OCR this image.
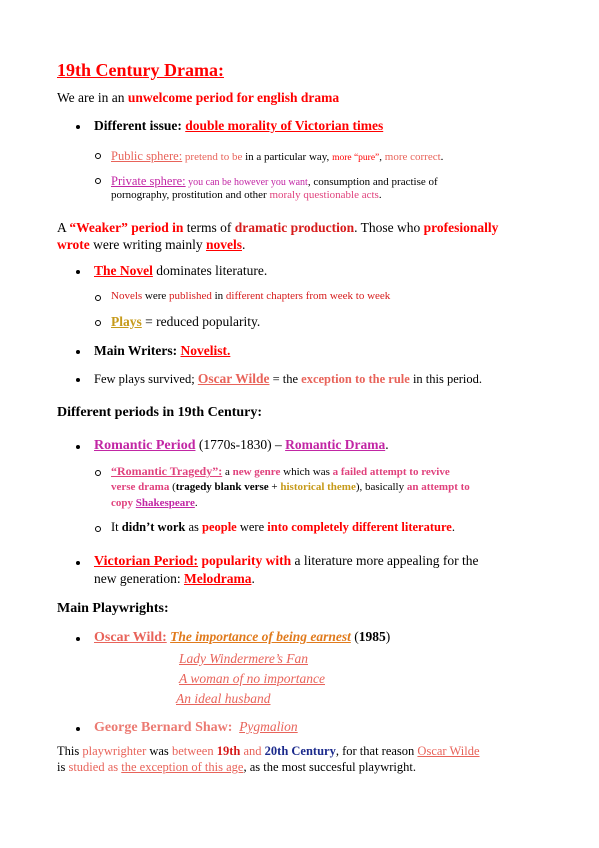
19th Century Drama:
We are in an unwelcome period for english drama
Different issue: double morality of Victorian times
Public sphere: pretend to be in a particular way, more “pure”, more correct.
Private sphere: you can be however you want, consumption and practise of
pornography, prostitution and other moraly questionable acts.
A “Weaker” period in terms of dramatic production. Those who profesionally
wrote were writing mainly novels.
The Novel dominates literature.
Novels were published in different chapters from week to week
Plays = reduced popularity.
Main Writers: Novelist.
Few plays survived; Oscar Wilde = the exception to the rule in this period.
Different periods in 19th Century:
Romantic Period (1770s-1830) – Romantic Drama.
“Romantic Tragedy”: a new genre which was a failed attempt to revive
verse drama (tragedy blank verse + historical theme), basically an attempt to
copy Shakespeare.
It didn’t work as people were into completely different literature.
Victorian Period: popularity with a literature more appealing for the
new generation: Melodrama.
Main Playwrights:
Oscar Wild: The importance of being earnest (1985)
Lady Windermere’s Fan
A woman of no importance
An ideal husband
George Bernard Shaw: Pygmalion
This playwrighter was between 19th and 20th Century, for that reason Oscar Wilde
is studied as the exception of this age, as the most succesful playwright.
